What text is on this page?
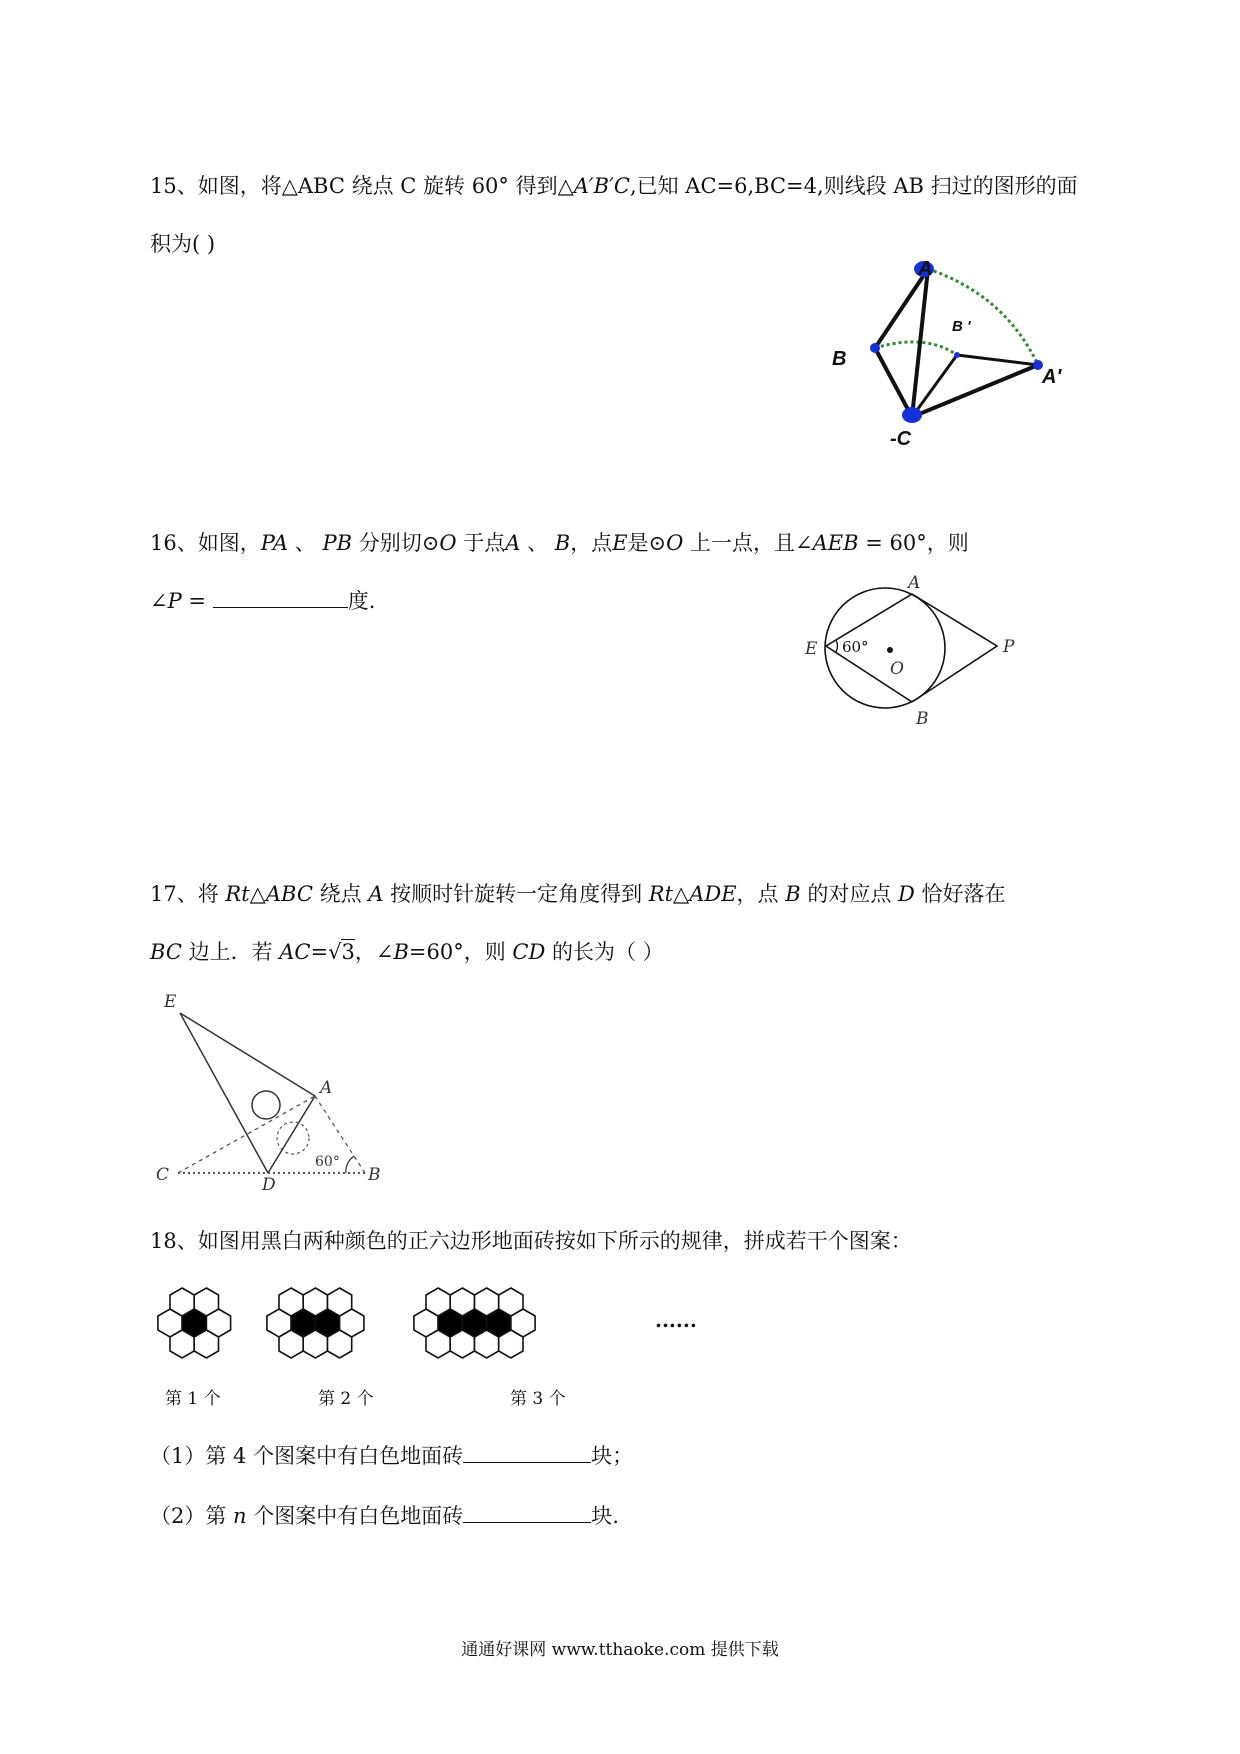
15、如图，将△ABC 绕点 C 旋转 60° 得到△A′B′C,已知 AC=6,BC=4,则线段 AB 扫过的图形的面
积为( )
A
B
B '
A'
-C
16、如图，PA 、 PB 分别切⊙O 于点A 、 B，点E是⊙O 上一点，且∠AEB = 60°，则
∠P =	度.
A
E 60°
O
P
B
17、将 Rt△ABC 绕点 A 按顺时针旋转一定角度得到 Rt△ADE，点 B 的对应点 D 恰好落在
BC 边上．若 AC=√3，∠B=60°，则 CD 的长为（ ）
E
A
C	D	B
60°
18、如图用黑白两种颜色的正六边形地面砖按如下所示的规律，拼成若干个图案：
第 1 个	第 2 个	第 3 个
......
（1）第 4 个图案中有白色地面砖	块；
（2）第 n 个图案中有白色地面砖	块.
通通好课网 www.tthaoke.com 提供下载
